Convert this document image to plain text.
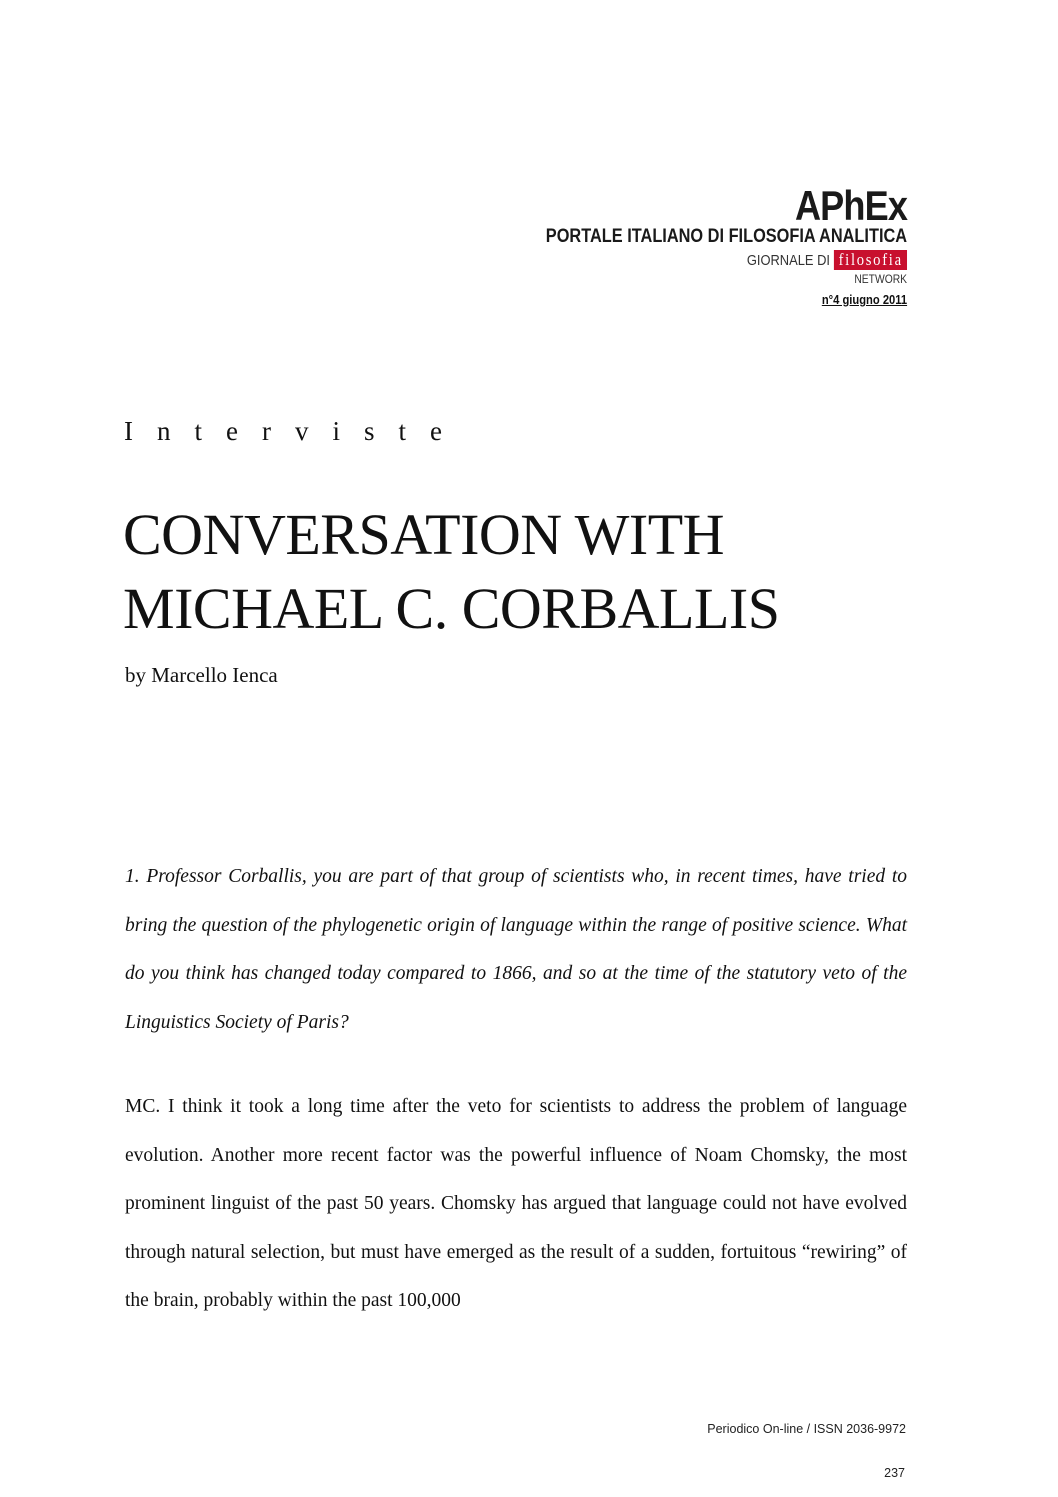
APhEx
PORTALE ITALIANO DI FILOSOFIA ANALITICA
GIORNALE DI filosofia
NETWORK
n°4 giugno 2011
Interviste
CONVERSATION WITH
MICHAEL C. CORBALLIS
by Marcello Ienca

1. Professor Corballis, you are part of that group of scientists who, in recent times, have tried to bring the question of the phylogenetic origin of language within the range of positive science. What do you think has changed today compared to 1866, and so at the time of the statutory veto of the Linguistics Society of Paris?

MC. I think it took a long time after the veto for scientists to address the problem of language evolution. Another more recent factor was the powerful influence of Noam Chomsky, the most prominent linguist of the past 50 years. Chomsky has argued that language could not have evolved through natural selection, but must have emerged as the result of a sudden, fortuitous “rewiring” of the brain, probably within the past 100,000

Periodico On-line / ISSN 2036-9972
237
